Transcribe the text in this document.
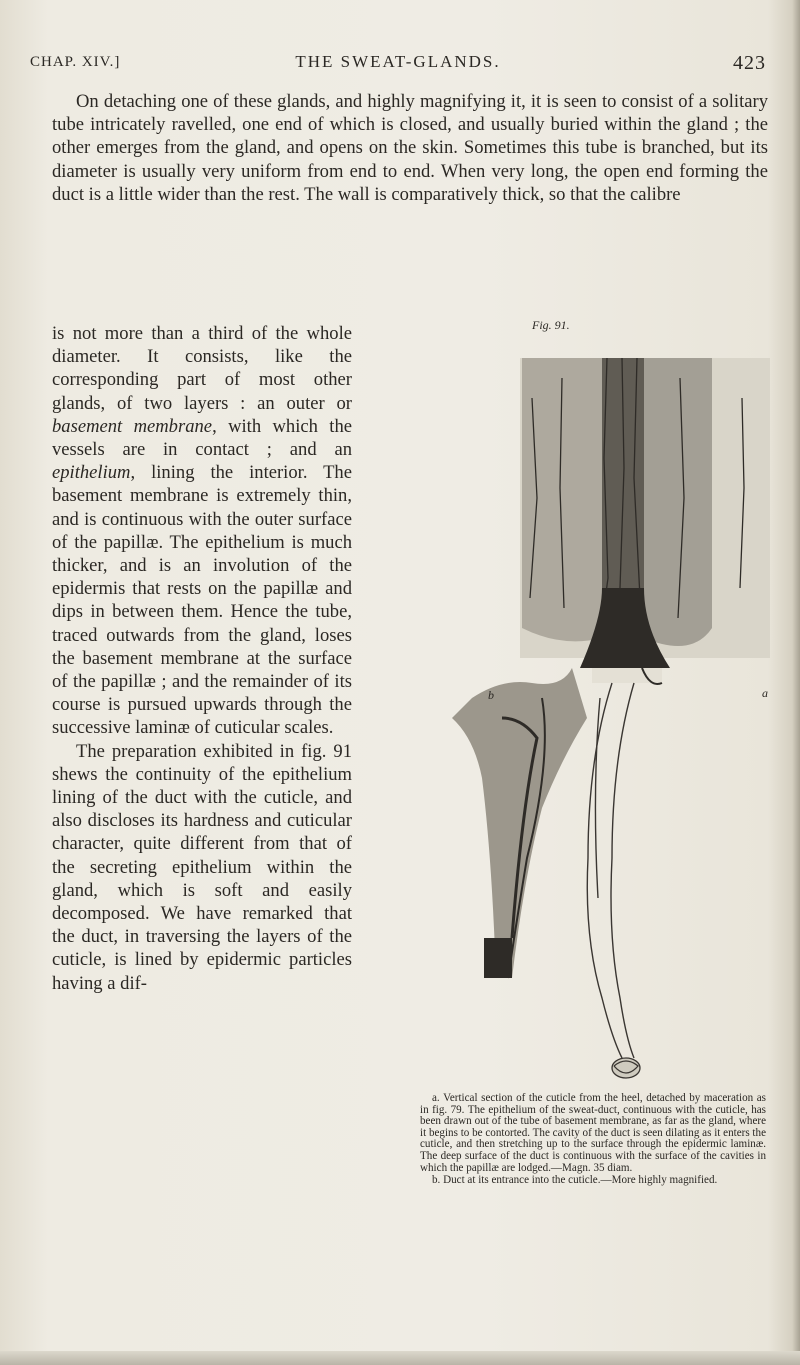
CHAP. XIV.]	THE SWEAT-GLANDS.	423

On detaching one of these glands, and highly magnifying it, it is seen to consist of a solitary tube intricately ravelled, one end of which is closed, and usually buried within the gland ; the other emerges from the gland, and opens on the skin. Sometimes this tube is branched, but its diameter is usually very uniform from end to end. When very long, the open end forming the duct is a little wider than the rest. The wall is comparatively thick, so that the calibre

is not more than a third of the whole diameter. It consists, like the corresponding part of most other glands, of two layers : an outer or basement membrane, with which the vessels are in contact ; and an epithelium, lining the interior. The basement membrane is extremely thin, and is continuous with the outer surface of the papillæ. The epithelium is much thicker, and is an involution of the epidermis that rests on the papillæ and dips in between them. Hence the tube, traced outwards from the gland, loses the basement membrane at the surface of the papillæ ; and the remainder of its course is pursued upwards through the successive laminæ of cuticular scales.

The preparation exhibited in fig. 91 shews the continuity of the epithelium lining of the duct with the cuticle, and also discloses its hardness and cuticular character, quite different from that of the secreting epithelium within the gland, which is soft and easily decomposed. We have remarked that the duct, in traversing the layers of the cuticle, is lined by epidermic particles having a dif-

Fig. 91.
b	a

a. Vertical section of the cuticle from the heel, detached by maceration as in fig. 79. The epithelium of the sweat-duct, continuous with the cuticle, has been drawn out of the tube of basement membrane, as far as the gland, where it begins to be contorted. The cavity of the duct is seen dilating as it enters the cuticle, and then stretching up to the surface through the epidermic laminæ. The deep surface of the duct is continuous with the surface of the cavities in which the papillæ are lodged.—Magn. 35 diam.

b. Duct at its entrance into the cuticle.—More highly magnified.
